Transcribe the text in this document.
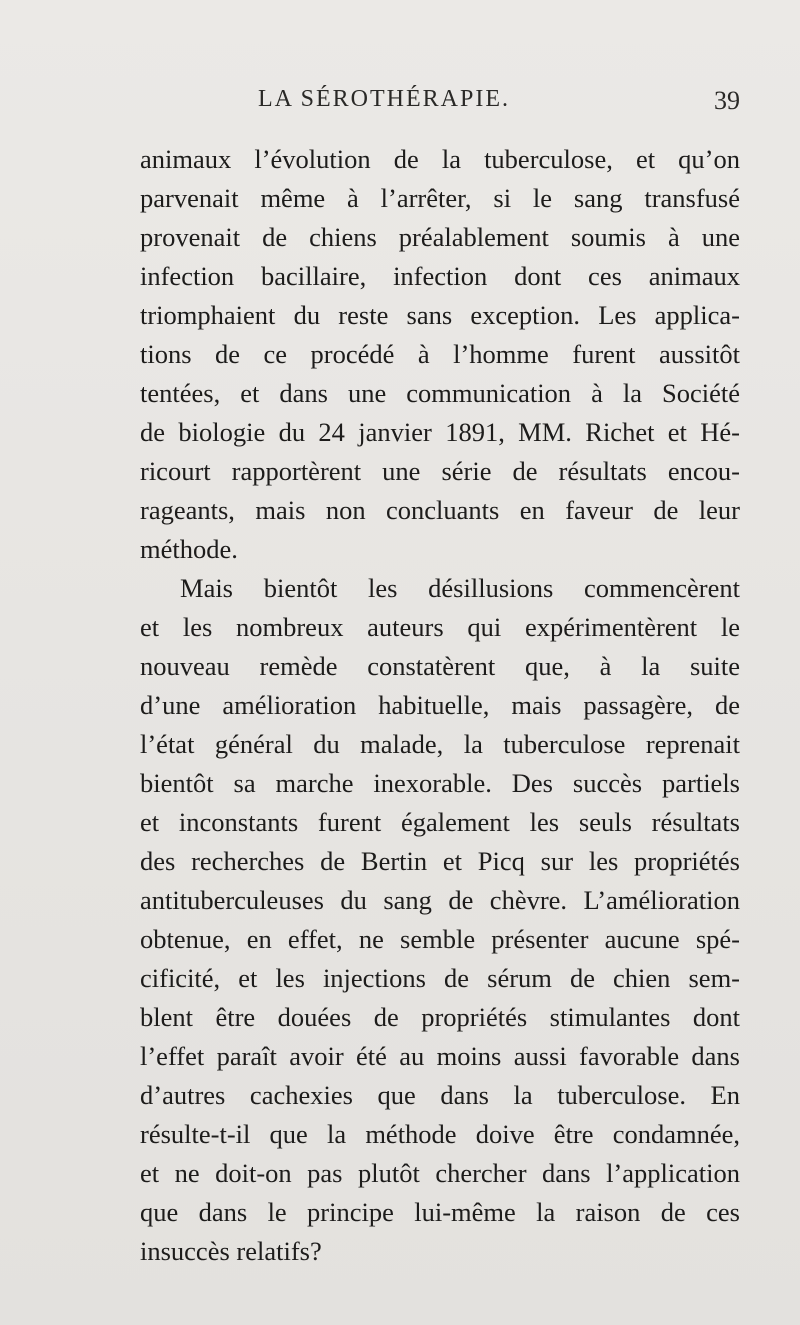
LA SÉROTHÉRAPIE.	39
animaux l’évolution de la tuberculose, et qu’on
parvenait même à l’arrêter, si le sang transfusé
provenait de chiens préalablement soumis à une
infection bacillaire, infection dont ces animaux
triomphaient du reste sans exception. Les applica-
tions de ce procédé à l’homme furent aussitôt
tentées, et dans une communication à la Société
de biologie du 24 janvier 1891, MM. Richet et Hé-
ricourt rapportèrent une série de résultats encou-
rageants, mais non concluants en faveur de leur
méthode.
Mais bientôt les désillusions commencèrent
et les nombreux auteurs qui expérimentèrent le
nouveau remède constatèrent que, à la suite
d’une amélioration habituelle, mais passagère, de
l’état général du malade, la tuberculose reprenait
bientôt sa marche inexorable. Des succès partiels
et inconstants furent également les seuls résultats
des recherches de Bertin et Picq sur les propriétés
antituberculeuses du sang de chèvre. L’amélioration
obtenue, en effet, ne semble présenter aucune spé-
cificité, et les injections de sérum de chien sem-
blent être douées de propriétés stimulantes dont
l’effet paraît avoir été au moins aussi favorable dans
d’autres cachexies que dans la tuberculose. En
résulte-t-il que la méthode doive être condamnée,
et ne doit-on pas plutôt chercher dans l’application
que dans le principe lui-même la raison de ces
insuccès relatifs?
